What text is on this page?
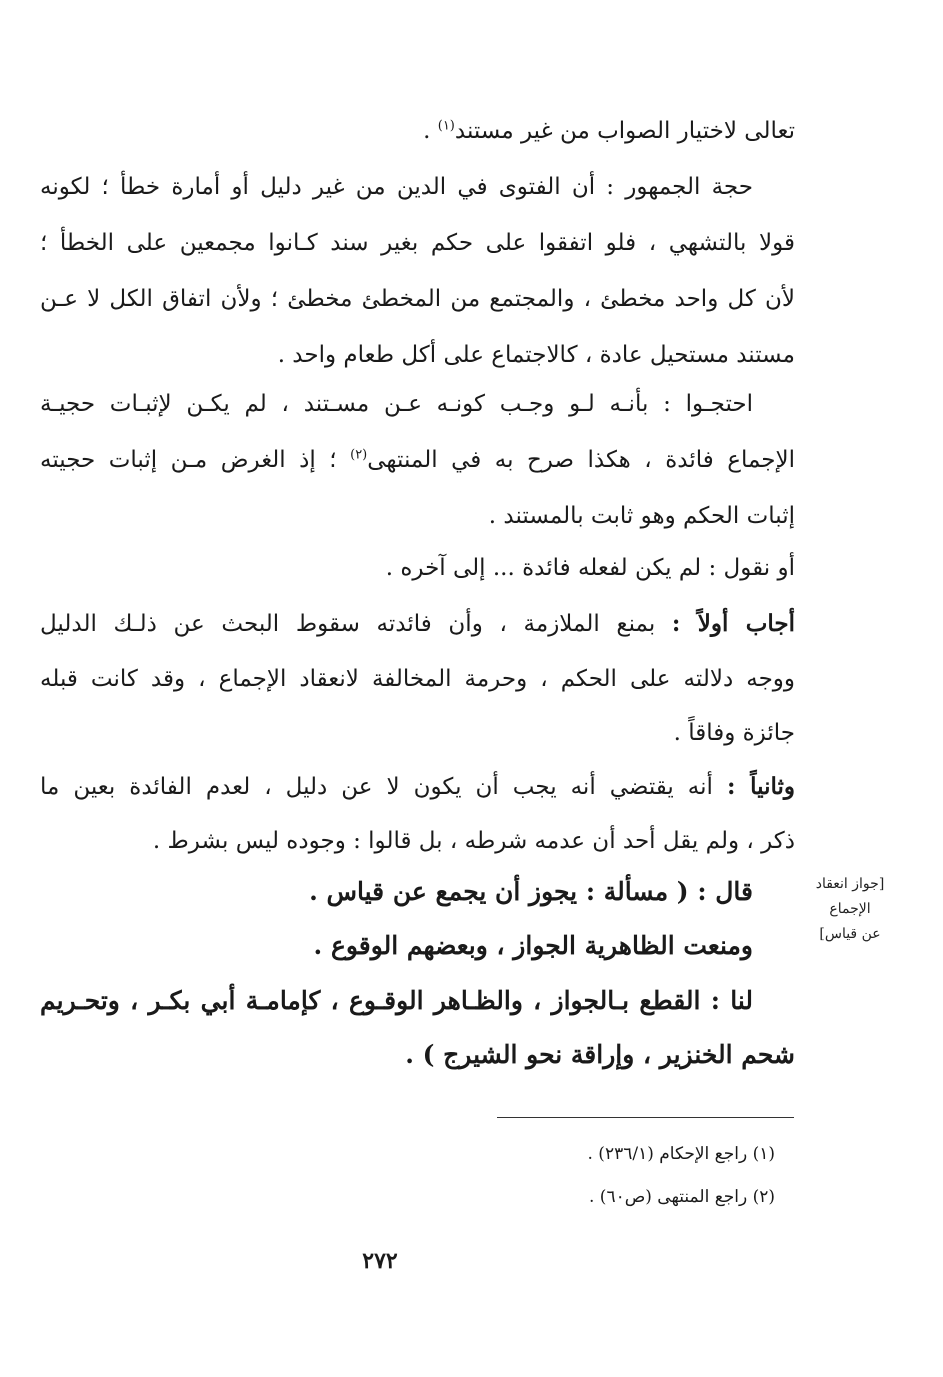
تعالى لاختيار الصواب من غير مستند$^{(١)}$ .
حجة الجمهور : أن الفتوى في الدين من غير دليل أو أمارة خطأ ؛ لكونه
قولا بالتشهي ، فلو اتفقوا على حكم بغير سند كـانوا مجمعين على الخطأ ؛
لأن كل واحد مخطئ ، والمجتمع من المخطئ مخطئ ؛ ولأن اتفاق الكل لا عـن
مستند مستحيل عادة ، كالاجتماع على أكل طعام واحد .
احتجـوا : بأنـه لـو وجـب كونـه عـن مسـتند ، لم يكـن لإثبـات حجيـة
الإجماع فائدة ، هكذا صرح به في المنتهى$^{(٢)}$ ؛ إذ الغرض مـن إثبات حجيته
إثبات الحكم وهو ثابت بالمستند .
أو نقول : لم يكن لفعله فائدة ... إلى آخره .
أجاب أولاً : بمنع الملازمة ، وأن فائدته سقوط البحث عن ذلـك الدليل
ووجه دلالته على الحكم ، وحرمة المخالفة لانعقاد الإجماع ، وقد كانت قبله
جائزة وفاقاً .
وثانياً : أنه يقتضي أنه يجب أن يكون لا عن دليل ، لعدم الفائدة بعين ما
ذكر ، ولم يقل أحد أن عدمه شرطه ، بل قالوا : وجوده ليس بشرط .
قال : ( مسألة : يجوز أن يجمع عن قياس .
ومنعت الظاهرية الجواز ، وبعضهم الوقوع .
لنا : القطع بـالجواز ، والظـاهر الوقـوع ، كإمامـة أبي بكـر ، وتحـريم
شحم الخنزير ، وإراقة نحو الشيرج ) .
[جواز انعقاد
الإجماع
عن قياس]
(١) راجع الإحكام (٢٣٦/١) .
(٢) راجع المنتهى (ص٦٠) .
٢٧٢
